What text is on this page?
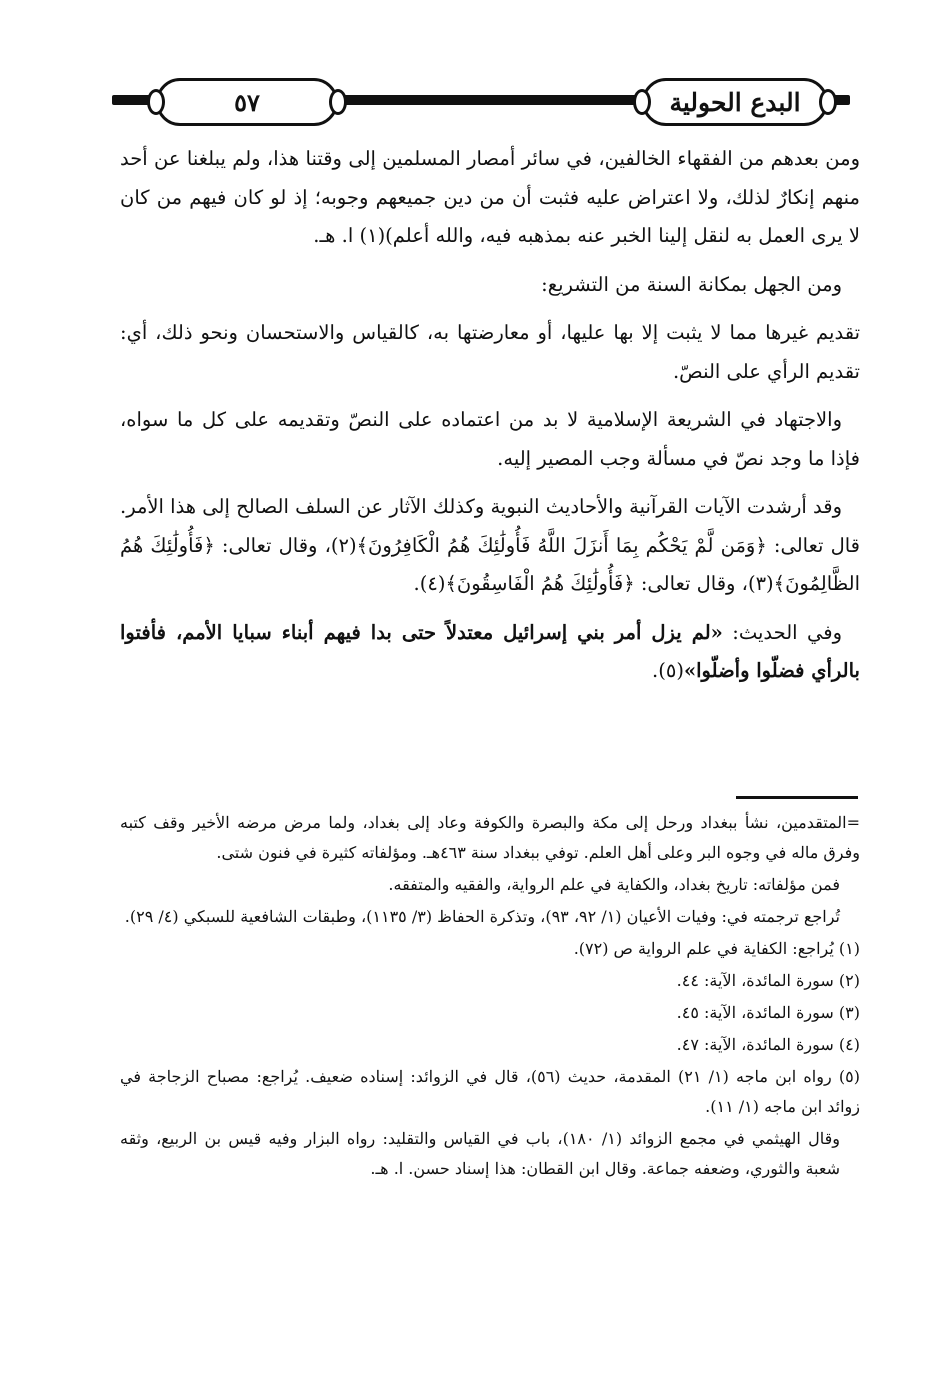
٥٧	البدع الحولية

ومن بعدهم من الفقهاء الخالفين، في سائر أمصار المسلمين إلى وقتنا هذا، ولم يبلغنا عن أحد منهم إنكارٌ لذلك، ولا اعتراض عليه فثبت أن من دين جميعهم وجوبه؛ إذ لو كان فيهم من كان لا يرى العمل به لنقل إلينا الخبر عنه بمذهبه فيه، والله أعلم)(١) ا. هـ.

ومن الجهل بمكانة السنة من التشريع:

تقديم غيرها مما لا يثبت إلا بها عليها، أو معارضتها به، كالقياس والاستحسان ونحو ذلك، أي: تقديم الرأي على النصّ.

والاجتهاد في الشريعة الإسلامية لا بد من اعتماده على النصّ وتقديمه على كل ما سواه، فإذا ما وجد نصّ في مسألة وجب المصير إليه.

وقد أرشدت الآيات القرآنية والأحاديث النبوية وكذلك الآثار عن السلف الصالح إلى هذا الأمر. قال تعالى: ﴿وَمَن لَّمْ يَحْكُم بِمَا أَنزَلَ اللَّهُ فَأُولَٰئِكَ هُمُ الْكَافِرُونَ﴾(٢)، وقال تعالى: ﴿فَأُولَٰئِكَ هُمُ الظَّالِمُونَ﴾(٣)، وقال تعالى: ﴿فَأُولَٰئِكَ هُمُ الْفَاسِقُونَ﴾(٤).

وفي الحديث: «لم يزل أمر بني إسرائيل معتدلاً حتى بدا فيهم أبناء سبايا الأمم، فأفتوا بالرأي فضلّوا وأضلّوا»(٥).

=المتقدمين، نشأ ببغداد ورحل إلى مكة والبصرة والكوفة وعاد إلى بغداد، ولما مرض مرضه الأخير وقف كتبه وفرق ماله في وجوه البر وعلى أهل العلم. توفي ببغداد سنة ٤٦٣هـ. ومؤلفاته كثيرة في فنون شتى.

فمن مؤلفاته: تاريخ بغداد، والكفاية في علم الرواية، والفقيه والمتفقه.

تُراجع ترجمته في: وفيات الأعيان (١/ ٩٢، ٩٣)، وتذكرة الحفاظ (٣/ ١١٣٥)، وطبقات الشافعية للسبكي (٤/ ٢٩).

(١) يُراجع: الكفاية في علم الرواية ص (٧٢).

(٢) سورة المائدة، الآية: ٤٤.

(٣) سورة المائدة، الآية: ٤٥.

(٤) سورة المائدة، الآية: ٤٧.

(٥) رواه ابن ماجه (١/ ٢١) المقدمة، حديث (٥٦)، قال في الزوائد: إسناده ضعيف. يُراجع: مصباح الزجاجة في زوائد ابن ماجه (١/ ١١).

وقال الهيثمي في مجمع الزوائد (١/ ١٨٠)، باب في القياس والتقليد: رواه البزار وفيه قيس بن الربيع، وثقه شعبة والثوري، وضعفه جماعة. وقال ابن القطان: هذا إسناد حسن. ا. هـ.
